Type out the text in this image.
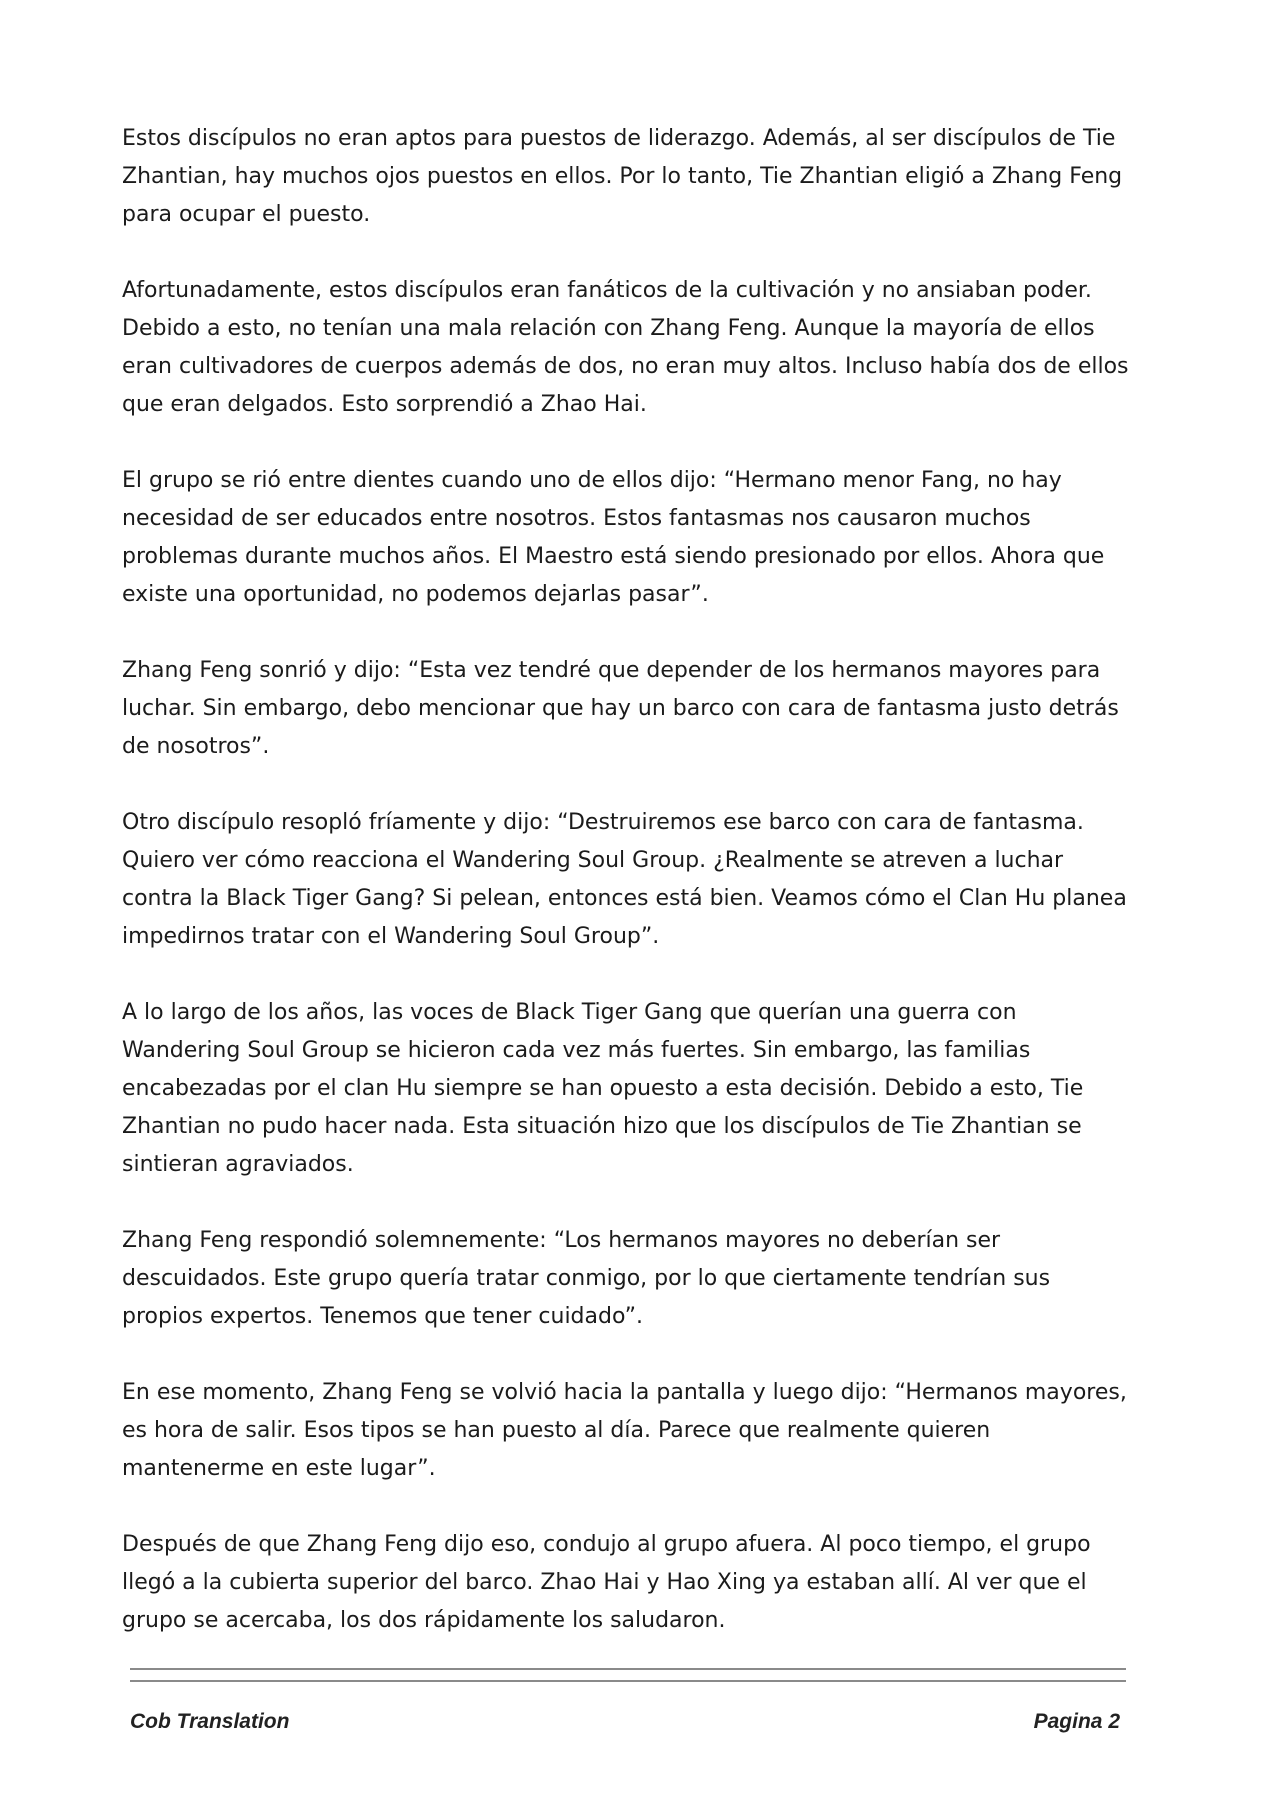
Estos discípulos no eran aptos para puestos de liderazgo. Además, al ser discípulos de Tie Zhantian, hay muchos ojos puestos en ellos. Por lo tanto, Tie Zhantian eligió a Zhang Feng para ocupar el puesto.

Afortunadamente, estos discípulos eran fanáticos de la cultivación y no ansiaban poder. Debido a esto, no tenían una mala relación con Zhang Feng. Aunque la mayoría de ellos eran cultivadores de cuerpos además de dos, no eran muy altos. Incluso había dos de ellos que eran delgados. Esto sorprendió a Zhao Hai.

El grupo se rió entre dientes cuando uno de ellos dijo: “Hermano menor Fang, no hay necesidad de ser educados entre nosotros. Estos fantasmas nos causaron muchos problemas durante muchos años. El Maestro está siendo presionado por ellos. Ahora que existe una oportunidad, no podemos dejarlas pasar”.

Zhang Feng sonrió y dijo: “Esta vez tendré que depender de los hermanos mayores para luchar. Sin embargo, debo mencionar que hay un barco con cara de fantasma justo detrás de nosotros”.

Otro discípulo resopló fríamente y dijo: “Destruiremos ese barco con cara de fantasma. Quiero ver cómo reacciona el Wandering Soul Group. ¿Realmente se atreven a luchar contra la Black Tiger Gang? Si pelean, entonces está bien. Veamos cómo el Clan Hu planea impedirnos tratar con el Wandering Soul Group”.

A lo largo de los años, las voces de Black Tiger Gang que querían una guerra con Wandering Soul Group se hicieron cada vez más fuertes. Sin embargo, las familias encabezadas por el clan Hu siempre se han opuesto a esta decisión. Debido a esto, Tie Zhantian no pudo hacer nada. Esta situación hizo que los discípulos de Tie Zhantian se sintieran agraviados.

Zhang Feng respondió solemnemente: “Los hermanos mayores no deberían ser descuidados. Este grupo quería tratar conmigo, por lo que ciertamente tendrían sus propios expertos. Tenemos que tener cuidado”.

En ese momento, Zhang Feng se volvió hacia la pantalla y luego dijo: “Hermanos mayores, es hora de salir. Esos tipos se han puesto al día. Parece que realmente quieren mantenerme en este lugar”.

Después de que Zhang Feng dijo eso, condujo al grupo afuera. Al poco tiempo, el grupo llegó a la cubierta superior del barco. Zhao Hai y Hao Xing ya estaban allí. Al ver que el grupo se acercaba, los dos rápidamente los saludaron.

Cob Translation	Pagina 2
